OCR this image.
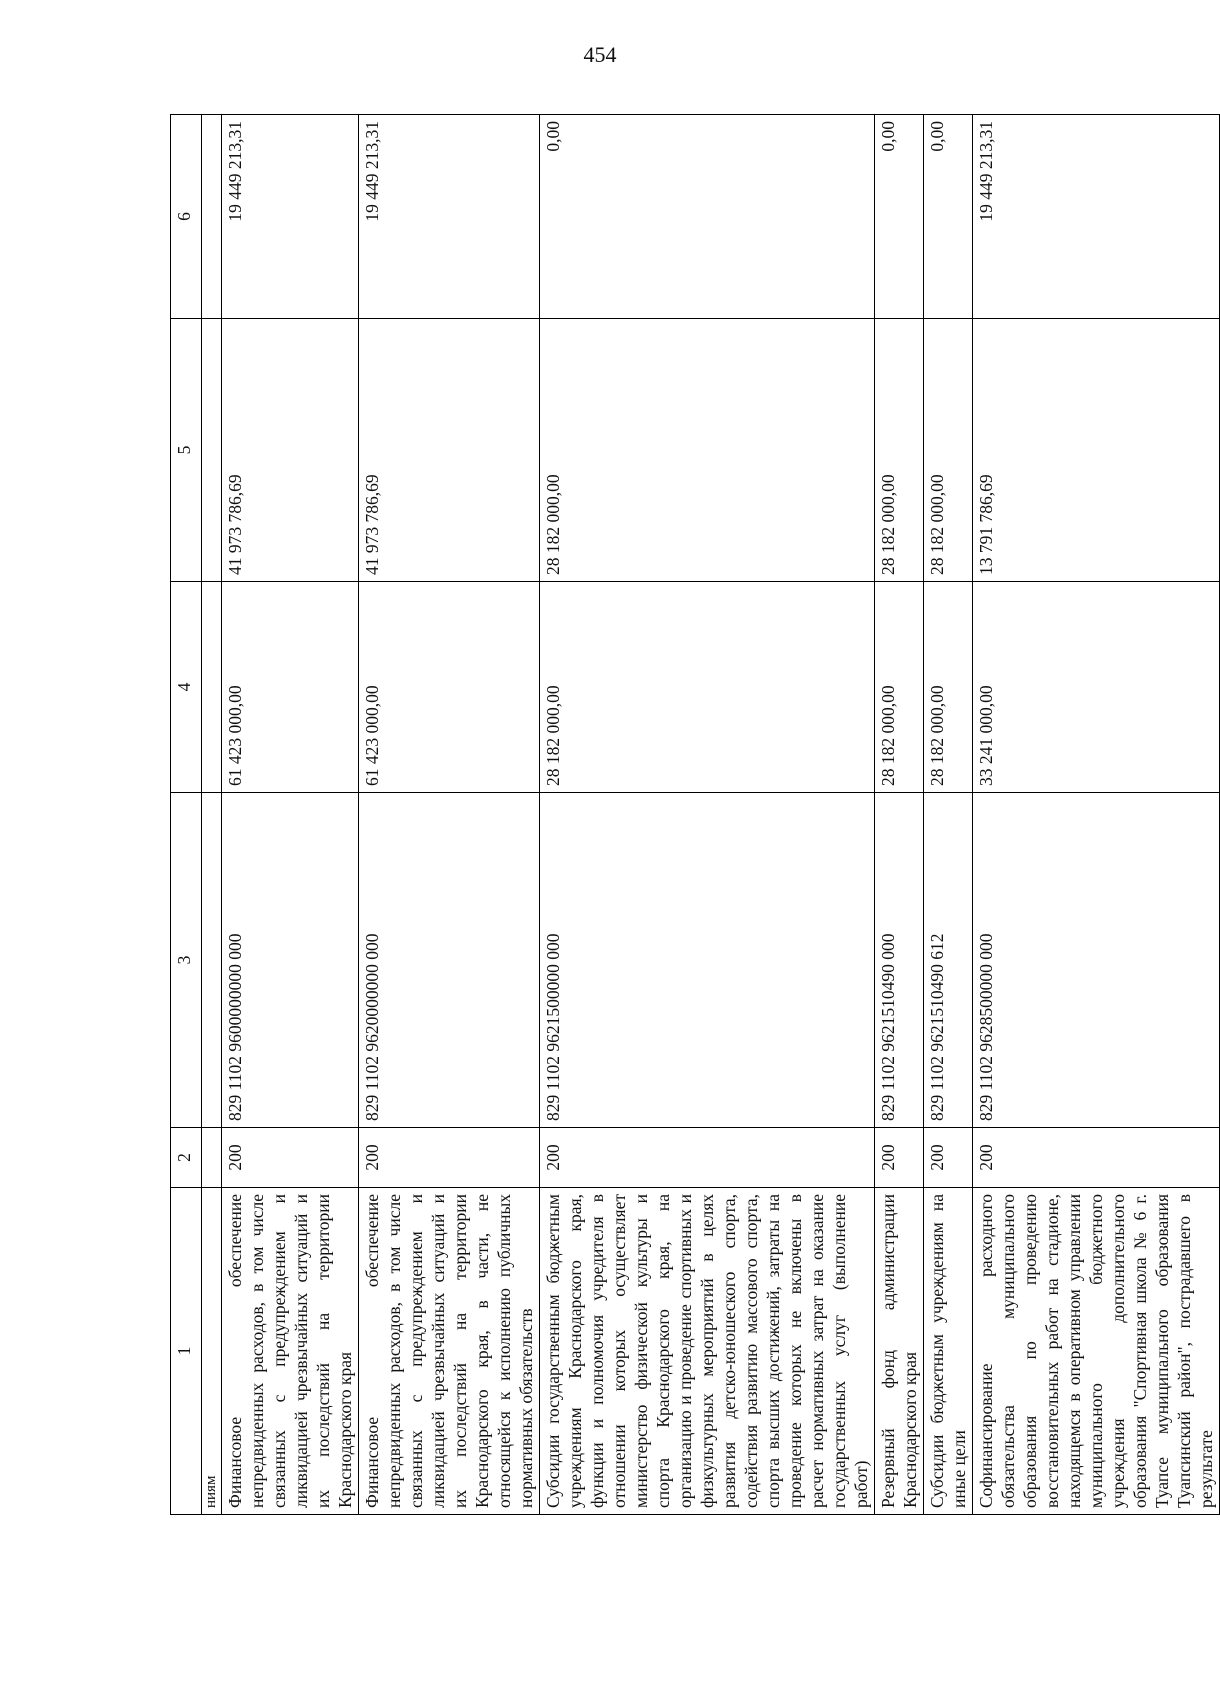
454
1	2	3	4	5	6
ниям					
Финансовое обеспечение непредвиденных расходов, в том числе связанных с предупреждением и ликвидацией чрезвычайных ситуаций и их последствий на территории Краснодарского края	200	829 1102 9600000000 000	61 423 000,00	41 973 786,69	19 449 213,31
Финансовое обеспечение непредвиденных расходов, в том числе связанных с предупреждением и ликвидацией чрезвычайных ситуаций и их последствий на территории Краснодарского края, в части, не относящейся к исполнению публичных нормативных обязательств	200	829 1102 9620000000 000	61 423 000,00	41 973 786,69	19 449 213,31
Субсидии государственным бюджетным учреждениям Краснодарского края, функции и полномочия учредителя в отношении которых осуществляет министерство физической культуры и спорта Краснодарского края, на организацию и проведение спортивных и физкультурных мероприятий в целях развития детско-юношеского спорта, содействия развитию массового спорта, спорта высших достижений, затраты на проведение которых не включены в расчет нормативных затрат на оказание государственных услуг (выполнение работ)	200	829 1102 9621500000 000	28 182 000,00	28 182 000,00	0,00
Резервный фонд администрации Краснодарского края	200	829 1102 9621510490 000	28 182 000,00	28 182 000,00	0,00
Субсидии бюджетным учреждениям на иные цели	200	829 1102 9621510490 612	28 182 000,00	28 182 000,00	0,00
Софинансирование расходного обязательства муниципального образования по проведению восстановительных работ на стадионе, находящемся в оперативном управлении муниципального бюджетного учреждения дополнительного образования "Спортивная школа № 6 г. Туапсе муниципального образования Туапсинский район", пострадавшего в результате	200	829 1102 9628500000 000	33 241 000,00	13 791 786,69	19 449 213,31
